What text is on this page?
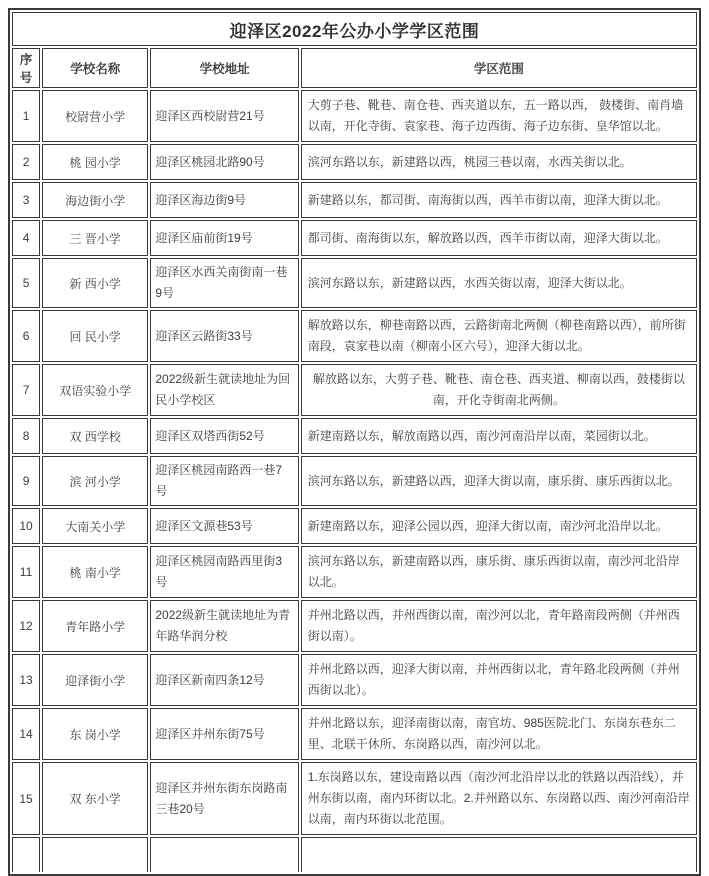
迎泽区2022年公办小学学区范围			
序号	学校名称	学校地址	学区范围
1	校尉营小学	迎泽区西校尉营21号	大剪子巷、靴巷、南仓巷、西夹道以东，五一路以西， 鼓楼街、南肖墙以南，开化寺街、袁家巷、海子边西街、海子边东街、皇华馆以北。
2	桃 园小学	迎泽区桃园北路90号	滨河东路以东，新建路以西，桃园三巷以南，水西关街以北。
3	海边街小学	迎泽区海边街9号	新建路以东，都司街、南海街以西，西羊市街以南，迎泽大街以北。
4	三 晋小学	迎泽区庙前街19号	都司街、南海街以东，解放路以西，西羊市街以南，迎泽大街以北。
5	新 西小学	迎泽区水西关南街南一巷9号	滨河东路以东，新建路以西，水西关街以南，迎泽大街以北。
6	回 民小学	迎泽区云路街33号	解放路以东，柳巷南路以西，云路街南北两侧（柳巷南路以西），前所街南段，袁家巷以南（柳南小区六号），迎泽大街以北。
7	双语实验小学	2022级新生就读地址为回民小学校区	解放路以东，大剪子巷、靴巷、南仓巷、西夹道、柳南以西，鼓楼街以南，开化寺街南北两侧。
8	双 西学校	迎泽区双塔西街52号	新建南路以东，解放南路以西，南沙河南沿岸以南，菜园街以北。
9	滨 河小学	迎泽区桃园南路西一巷7号	滨河东路以东，新建路以西，迎泽大街以南，康乐街、康乐西街以北。
10	大南关小学	迎泽区文源巷53号	新建南路以东，迎泽公园以西，迎泽大街以南，南沙河北沿岸以北。
11	桃 南小学	迎泽区桃园南路西里街3号	滨河东路以东，新建南路以西，康乐街、康乐西街以南，南沙河北沿岸以北。
12	青年路小学	2022级新生就读地址为青年路华润分校	并州北路以西，并州西街以南，南沙河以北，青年路南段两侧（并州西街以南）。
13	迎泽街小学	迎泽区新南四条12号	并州北路以西，迎泽大街以南，并州西街以北，青年路北段两侧（并州西街以北）。
14	东 岗小学	迎泽区并州东街75号	并州北路以东，迎泽南街以南，南官坊、985医院北门、东岗东巷东二里、北联干休所、东岗路以西，南沙河以北。
15	双 东小学	迎泽区并州东街东岗路南三巷20号	1.东岗路以东，建设南路以西（南沙河北沿岸以北的铁路以西沿线），并州东街以南，南内环街以北。2.并州路以东、东岗路以西、南沙河南沿岸以南，南内环街以北范围。
